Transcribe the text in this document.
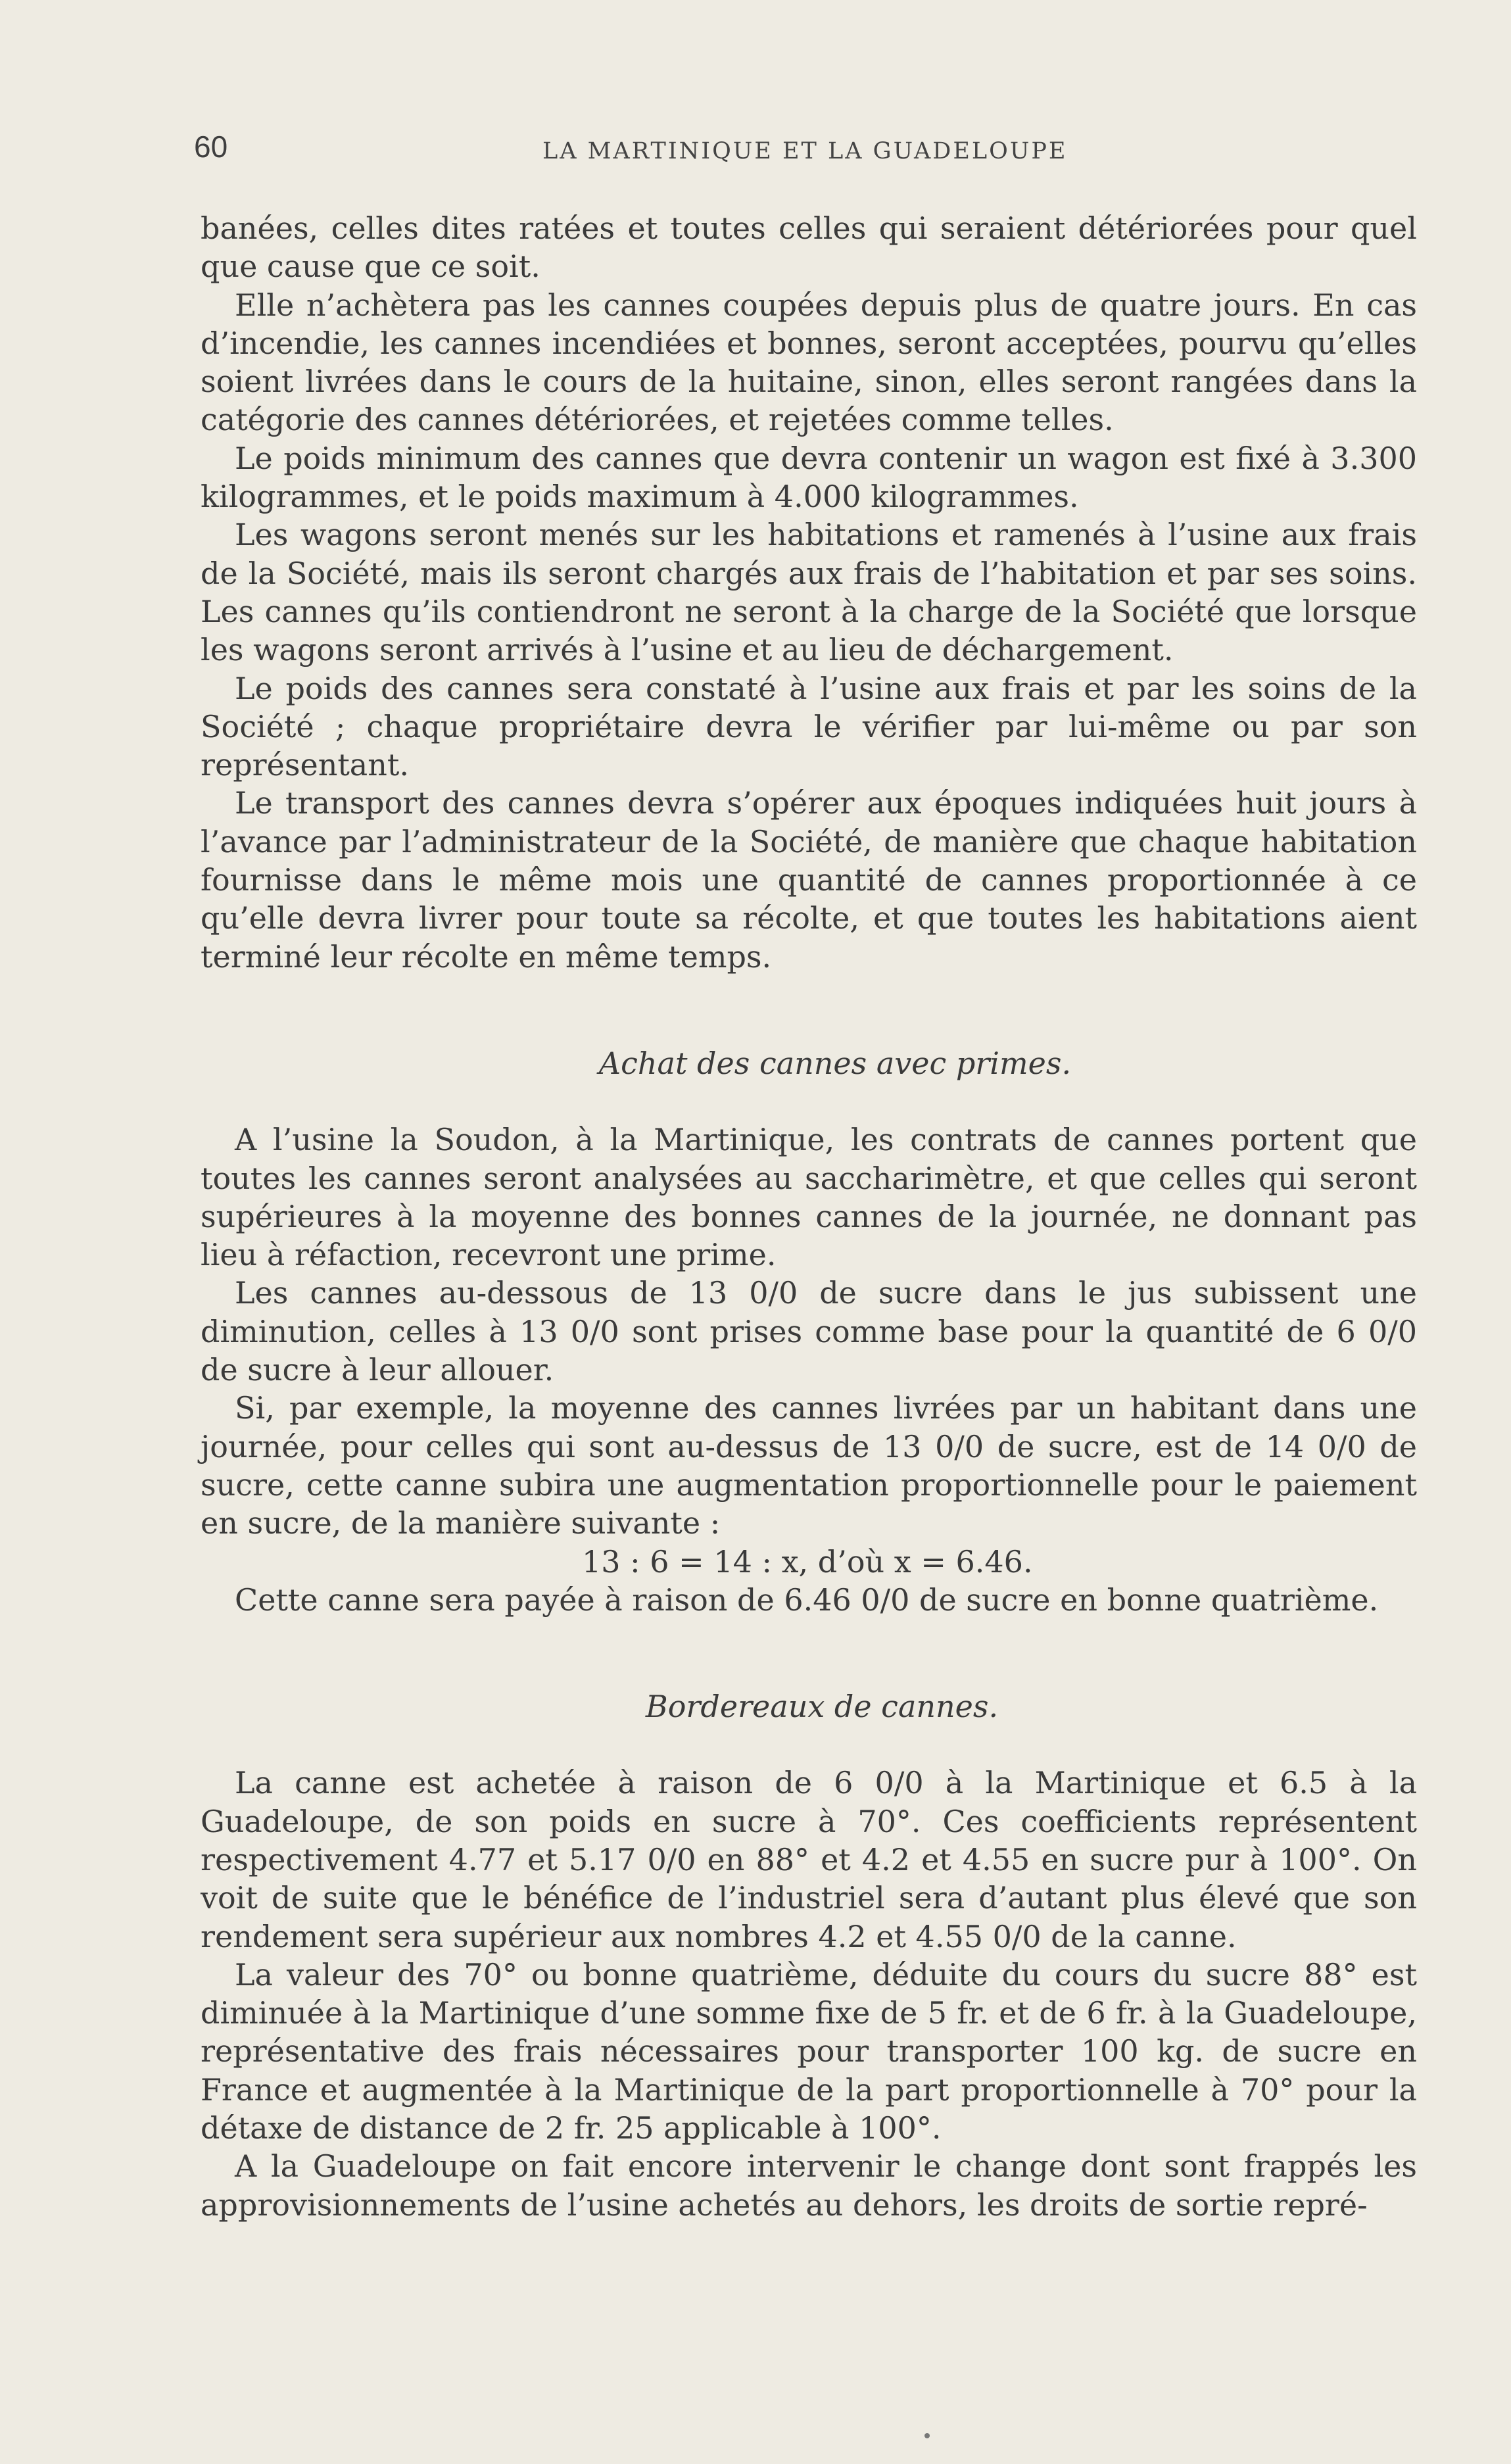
60	LA MARTINIQUE ET LA GUADELOUPE

banées, celles dites ratées et toutes celles qui seraient détériorées pour quel que cause que ce soit.

Elle n’achètera pas les cannes coupées depuis plus de quatre jours. En cas d’incendie, les cannes incendiées et bonnes, seront acceptées, pourvu qu’elles soient livrées dans le cours de la huitaine, sinon, elles seront rangées dans la catégorie des cannes détériorées, et rejetées comme telles.

Le poids minimum des cannes que devra contenir un wagon est fixé à 3.300 kilogrammes, et le poids maximum à 4.000 kilogrammes.

Les wagons seront menés sur les habitations et ramenés à l’usine aux frais de la Société, mais ils seront chargés aux frais de l’habitation et par ses soins. Les cannes qu’ils contiendront ne seront à la charge de la Société que lorsque les wagons seront arrivés à l’usine et au lieu de déchargement.

Le poids des cannes sera constaté à l’usine aux frais et par les soins de la Société ; chaque propriétaire devra le vérifier par lui-même ou par son représentant.

Le transport des cannes devra s’opérer aux époques indiquées huit jours à l’avance par l’administrateur de la Société, de manière que chaque habitation fournisse dans le même mois une quantité de cannes proportionnée à ce qu’elle devra livrer pour toute sa récolte, et que toutes les habitations aient terminé leur récolte en même temps.

Achat des cannes avec primes.

A l’usine la Soudon, à la Martinique, les contrats de cannes portent que toutes les cannes seront analysées au saccharimètre, et que celles qui seront supérieures à la moyenne des bonnes cannes de la journée, ne donnant pas lieu à réfaction, recevront une prime.

Les cannes au-dessous de 13 0/0 de sucre dans le jus subissent une diminution, celles à 13 0/0 sont prises comme base pour la quantité de 6 0/0 de sucre à leur allouer.

Si, par exemple, la moyenne des cannes livrées par un habitant dans une journée, pour celles qui sont au-dessus de 13 0/0 de sucre, est de 14 0/0 de sucre, cette canne subira une augmentation proportionnelle pour le paiement en sucre, de la manière suivante :

13 : 6 = 14 : x, d’où x = 6.46.

Cette canne sera payée à raison de 6.46 0/0 de sucre en bonne quatrième.

Bordereaux de cannes.

La canne est achetée à raison de 6 0/0 à la Martinique et 6.5 à la Guadeloupe, de son poids en sucre à 70°. Ces coefficients représentent respectivement 4.77 et 5.17 0/0 en 88° et 4.2 et 4.55 en sucre pur à 100°. On voit de suite que le bénéfice de l’industriel sera d’autant plus élevé que son rendement sera supérieur aux nombres 4.2 et 4.55 0/0 de la canne.

La valeur des 70° ou bonne quatrième, déduite du cours du sucre 88° est diminuée à la Martinique d’une somme fixe de 5 fr. et de 6 fr. à la Guadeloupe, représentative des frais nécessaires pour transporter 100 kg. de sucre en France et augmentée à la Martinique de la part proportionnelle à 70° pour la détaxe de distance de 2 fr. 25 applicable à 100°.

A la Guadeloupe on fait encore intervenir le change dont sont frappés les approvisionnements de l’usine achetés au dehors, les droits de sortie repré-
